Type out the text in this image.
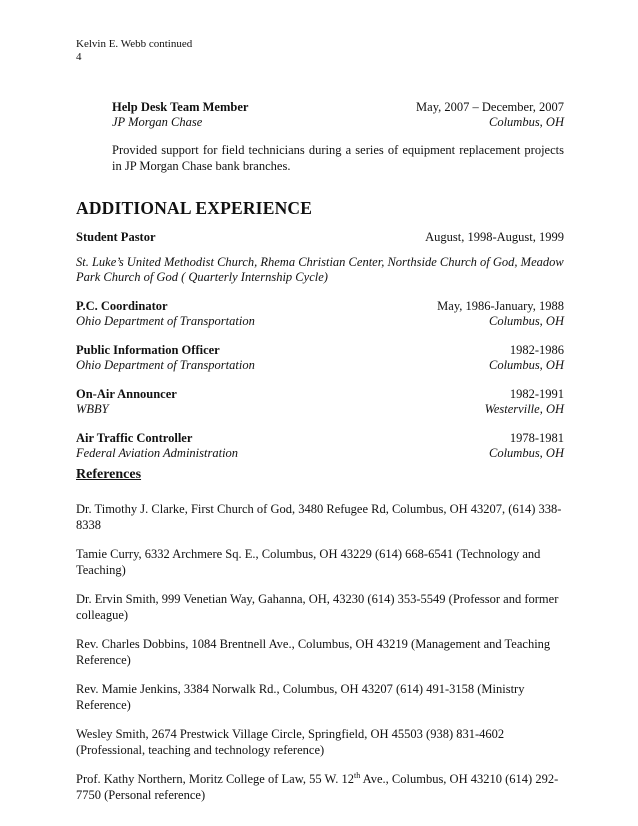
Kelvin E. Webb continued
4
Help Desk Team Member	May, 2007 – December, 2007
JP Morgan Chase	Columbus, OH
Provided support for field technicians during a series of equipment replacement projects in JP Morgan Chase bank branches.
ADDITIONAL EXPERIENCE
Student Pastor	August, 1998-August, 1999
St. Luke’s United Methodist Church, Rhema Christian Center, Northside Church of God, Meadow Park Church of God ( Quarterly Internship Cycle)
P.C. Coordinator	May, 1986-January, 1988
Ohio Department of Transportation	Columbus, OH
Public Information Officer	1982-1986
Ohio Department of Transportation	Columbus, OH
On-Air Announcer	1982-1991
WBBY	Westerville, OH
Air Traffic Controller	1978-1981
Federal Aviation Administration	Columbus, OH
References
Dr. Timothy J. Clarke, First Church of God, 3480 Refugee Rd, Columbus, OH 43207, (614) 338-8338
Tamie Curry, 6332 Archmere Sq. E., Columbus, OH 43229 (614) 668-6541 (Technology and Teaching)
Dr. Ervin Smith, 999 Venetian Way, Gahanna, OH, 43230 (614) 353-5549 (Professor and former colleague)
Rev. Charles Dobbins, 1084 Brentnell Ave., Columbus, OH 43219 (Management and Teaching Reference)
Rev. Mamie Jenkins, 3384 Norwalk Rd., Columbus, OH 43207 (614) 491-3158 (Ministry Reference)
Wesley Smith, 2674 Prestwick Village Circle, Springfield, OH 45503 (938) 831-4602 (Professional, teaching and technology reference)
Prof. Kathy Northern, Moritz College of Law, 55 W. 12th Ave., Columbus, OH 43210 (614) 292-7750 (Personal reference)
